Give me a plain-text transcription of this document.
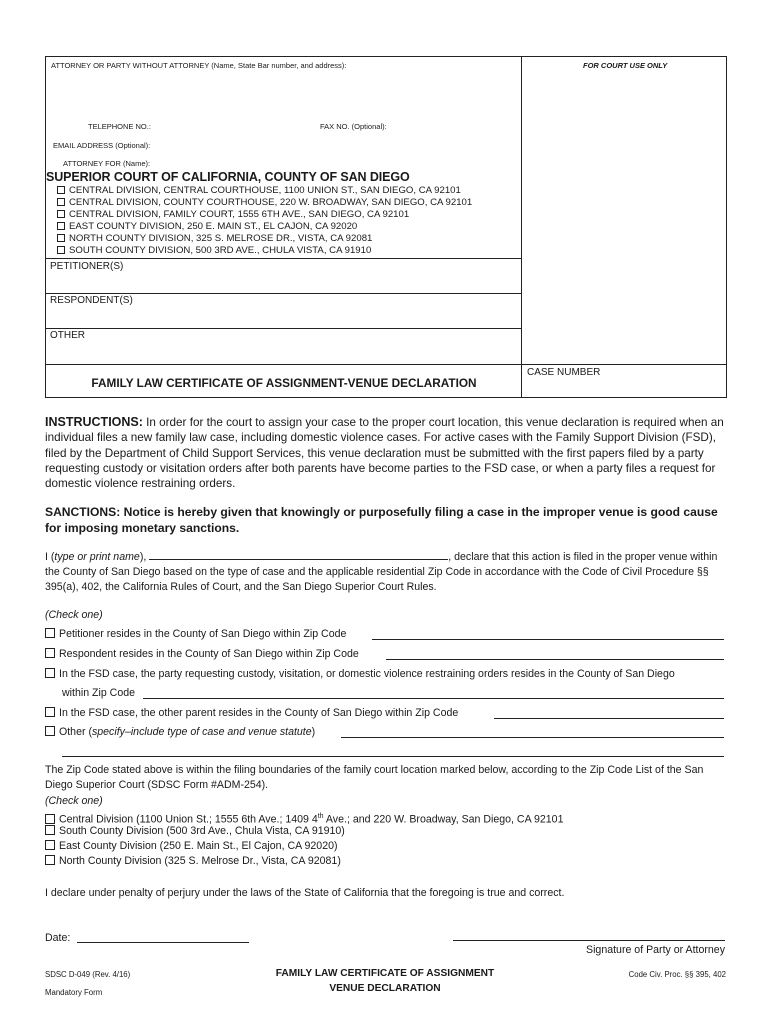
ATTORNEY OR PARTY WITHOUT ATTORNEY (Name, State Bar number, and address):	FOR COURT USE ONLY
TELEPHONE NO.:	FAX NO. (Optional):
EMAIL ADDRESS (Optional):
ATTORNEY FOR (Name):
SUPERIOR COURT OF CALIFORNIA, COUNTY OF SAN DIEGO
CENTRAL DIVISION, CENTRAL COURTHOUSE, 1100 UNION ST., SAN DIEGO, CA 92101
CENTRAL DIVISION, COUNTY COURTHOUSE, 220 W. BROADWAY, SAN DIEGO, CA 92101
CENTRAL DIVISION, FAMILY COURT, 1555 6TH AVE., SAN DIEGO, CA 92101
EAST COUNTY DIVISION, 250 E. MAIN ST., EL CAJON, CA 92020
NORTH COUNTY DIVISION, 325 S. MELROSE DR., VISTA, CA 92081
SOUTH COUNTY DIVISION, 500 3RD AVE., CHULA VISTA, CA 91910
PETITIONER(S)
RESPONDENT(S)
OTHER
CASE NUMBER
FAMILY LAW CERTIFICATE OF ASSIGNMENT-VENUE DECLARATION
INSTRUCTIONS: In order for the court to assign your case to the proper court location, this venue declaration is required when an individual files a new family law case, including domestic violence cases. For active cases with the Family Support Division (FSD), filed by the Department of Child Support Services, this venue declaration must be submitted with the first papers filed by a party requesting custody or visitation orders after both parents have become parties to the FSD case, or when a party files a request for domestic violence restraining orders.
SANCTIONS: Notice is hereby given that knowingly or purposefully filing a case in the improper venue is good cause for imposing monetary sanctions.
I (type or print name),	, declare that this action is filed in the proper venue within the County of San Diego based on the type of case and the applicable residential Zip Code in accordance with the Code of Civil Procedure §§ 395(a), 402, the California Rules of Court, and the San Diego Superior Court Rules.
(Check one)
Petitioner resides in the County of San Diego within Zip Code
Respondent resides in the County of San Diego within Zip Code
In the FSD case, the party requesting custody, visitation, or domestic violence restraining orders resides in the County of San Diego
within Zip Code
In the FSD case, the other parent resides in the County of San Diego within Zip Code
Other (specify–include type of case and venue statute)
The Zip Code stated above is within the filing boundaries of the family court location marked below, according to the Zip Code List of the San Diego Superior Court (SDSC Form #ADM-254).
(Check one)
Central Division (1100 Union St.; 1555 6th Ave.; 1409 4th Ave.; and 220 W. Broadway, San Diego, CA 92101
South County Division (500 3rd Ave., Chula Vista, CA 91910)
East County Division (250 E. Main St., El Cajon, CA 92020)
North County Division (325 S. Melrose Dr., Vista, CA 92081)
I declare under penalty of perjury under the laws of the State of California that the foregoing is true and correct.
Date:
Signature of Party or Attorney
SDSC D-049 (Rev. 4/16)
Mandatory Form
FAMILY LAW CERTIFICATE OF ASSIGNMENT
VENUE DECLARATION
Code Civ. Proc. §§ 395, 402
